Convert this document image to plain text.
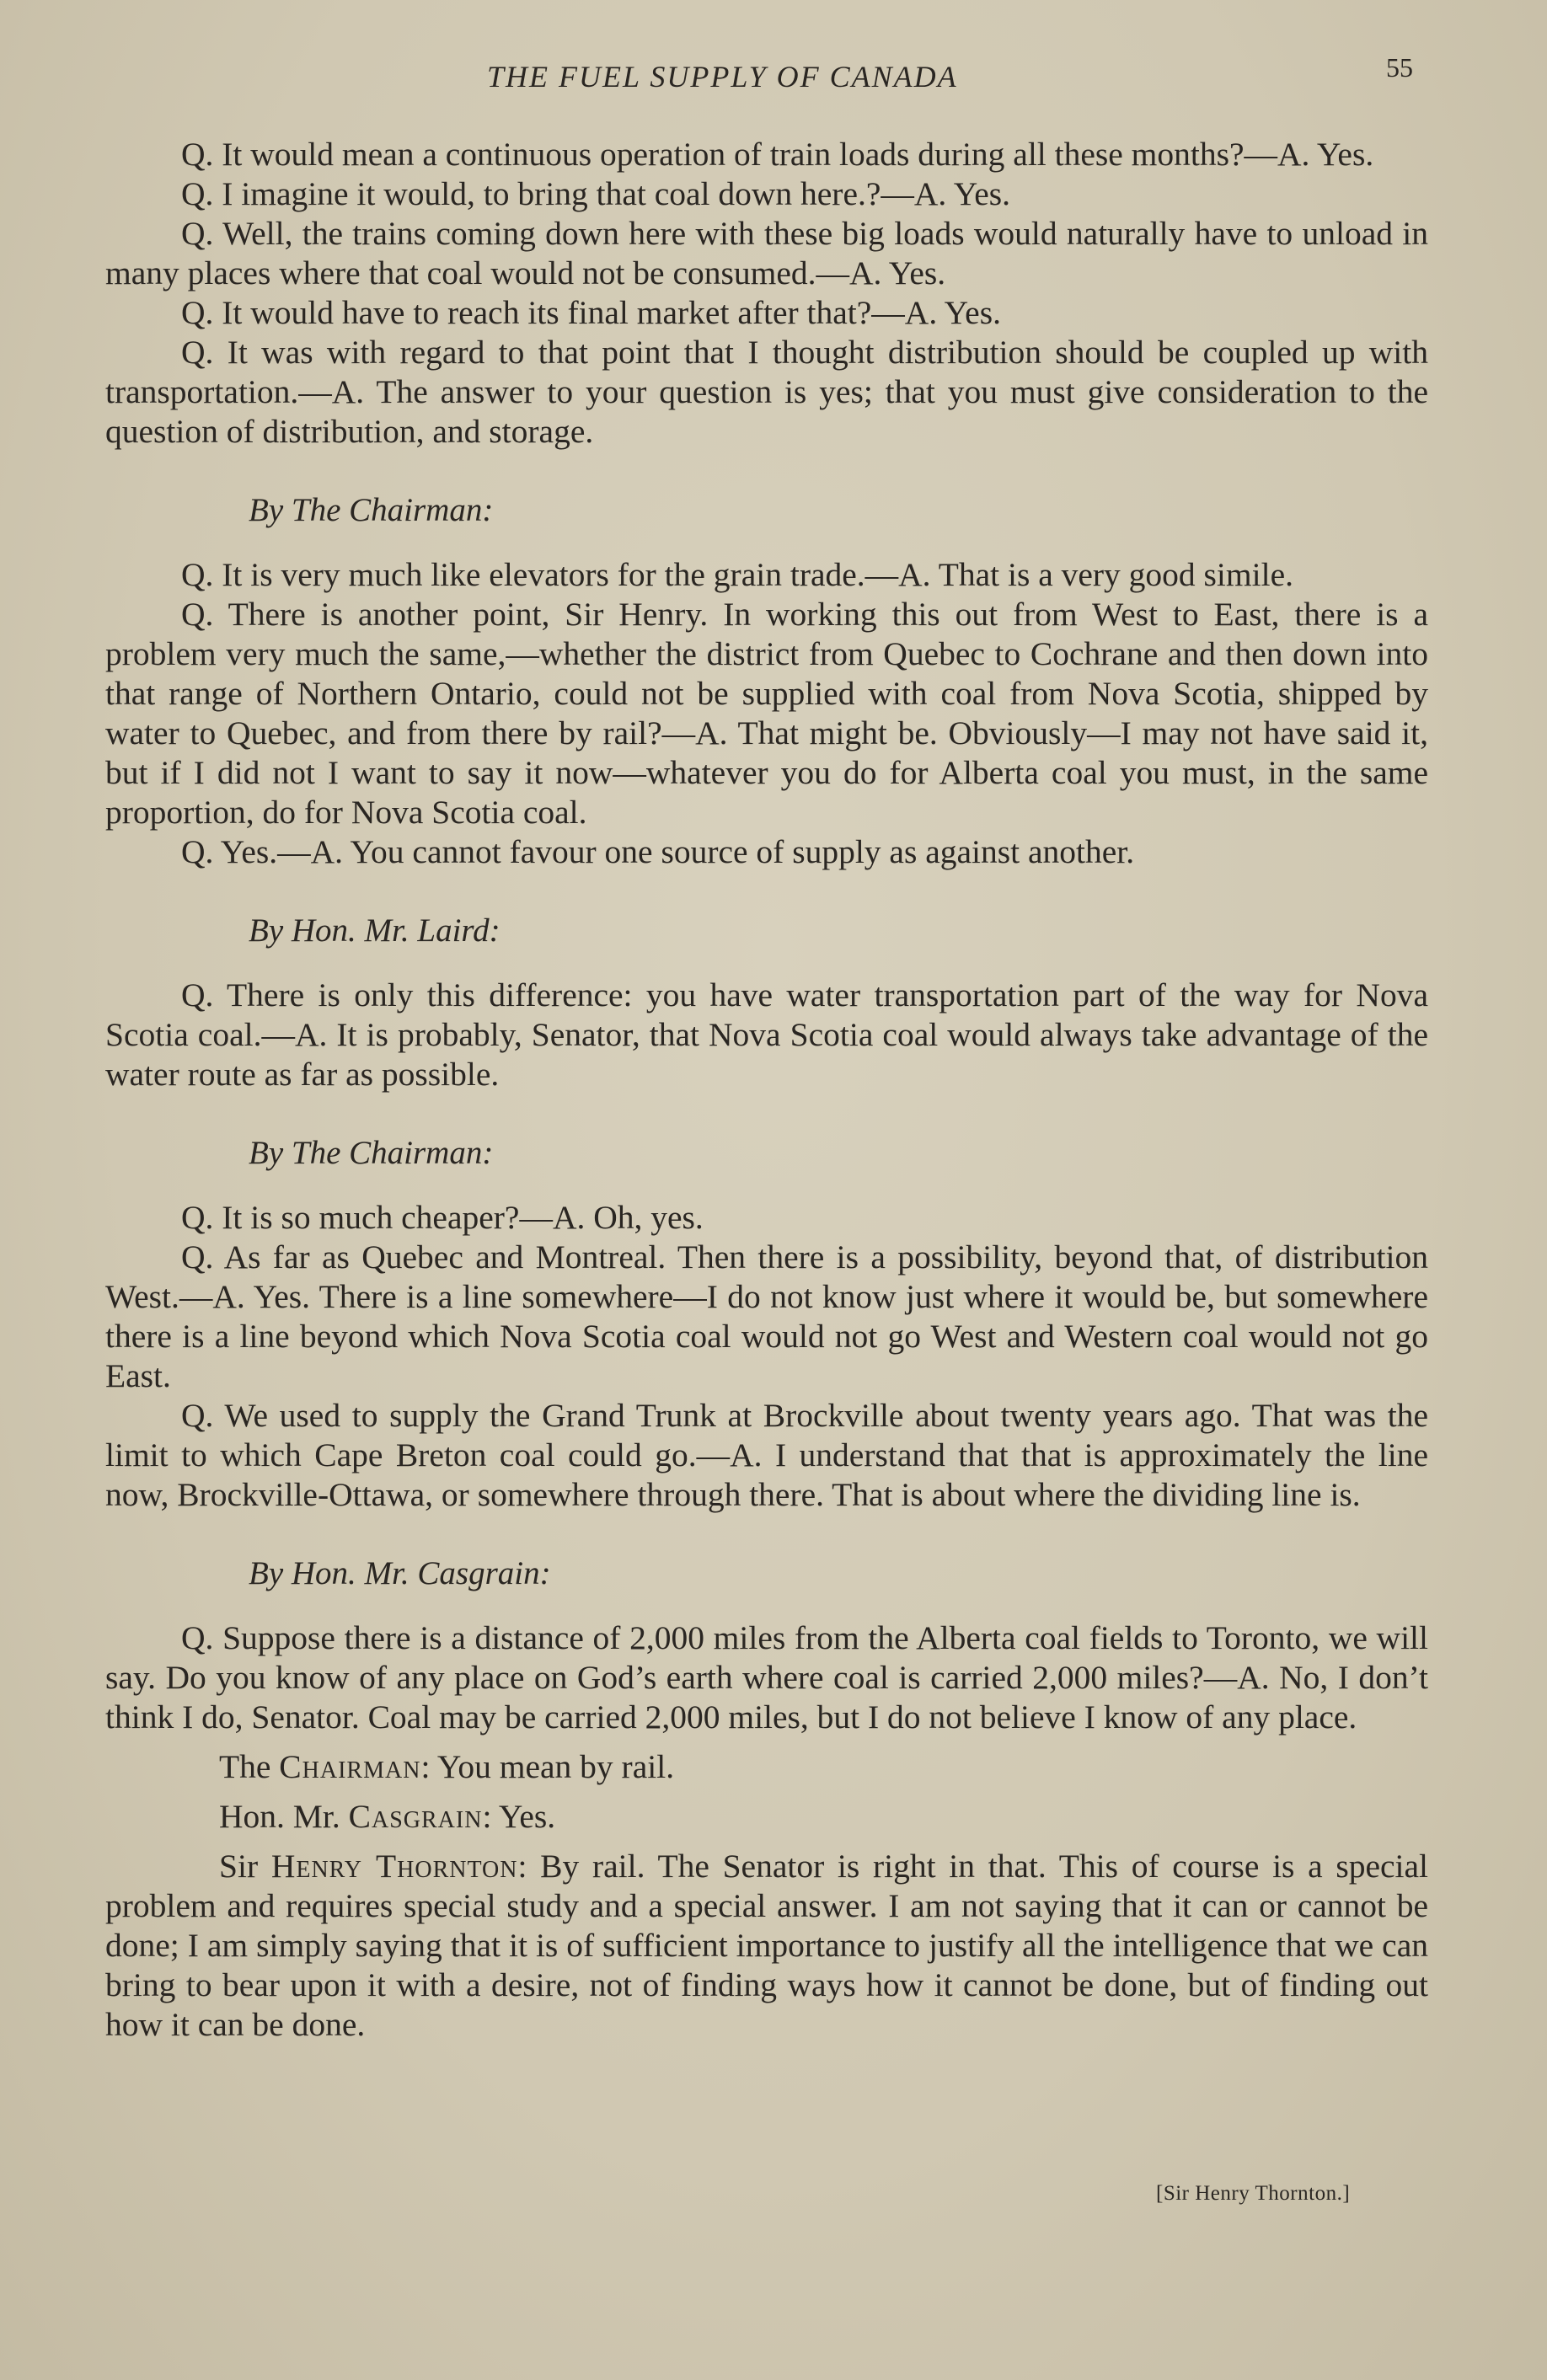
THE FUEL SUPPLY OF CANADA	55

Q. It would mean a continuous operation of train loads during all these months?—A. Yes.

Q. I imagine it would, to bring that coal down here.?—A. Yes.

Q. Well, the trains coming down here with these big loads would naturally have to unload in many places where that coal would not be consumed.—A. Yes.

Q. It would have to reach its final market after that?—A. Yes.

Q. It was with regard to that point that I thought distribution should be coupled up with transportation.—A. The answer to your question is yes; that you must give consideration to the question of distribution, and storage.

By The Chairman:

Q. It is very much like elevators for the grain trade.—A. That is a very good simile.

Q. There is another point, Sir Henry. In working this out from West to East, there is a problem very much the same,—whether the district from Quebec to Cochrane and then down into that range of Northern Ontario, could not be supplied with coal from Nova Scotia, shipped by water to Quebec, and from there by rail?—A. That might be. Obviously—I may not have said it, but if I did not I want to say it now—whatever you do for Alberta coal you must, in the same proportion, do for Nova Scotia coal.

Q. Yes.—A. You cannot favour one source of supply as against another.

By Hon. Mr. Laird:

Q. There is only this difference: you have water transportation part of the way for Nova Scotia coal.—A. It is probably, Senator, that Nova Scotia coal would always take advantage of the water route as far as possible.

By The Chairman:

Q. It is so much cheaper?—A. Oh, yes.

Q. As far as Quebec and Montreal. Then there is a possibility, beyond that, of distribution West.—A. Yes. There is a line somewhere—I do not know just where it would be, but somewhere there is a line beyond which Nova Scotia coal would not go West and Western coal would not go East.

Q. We used to supply the Grand Trunk at Brockville about twenty years ago. That was the limit to which Cape Breton coal could go.—A. I understand that that is approximately the line now, Brockville-Ottawa, or somewhere through there. That is about where the dividing line is.

By Hon. Mr. Casgrain:

Q. Suppose there is a distance of 2,000 miles from the Alberta coal fields to Toronto, we will say. Do you know of any place on God’s earth where coal is carried 2,000 miles?—A. No, I don’t think I do, Senator. Coal may be carried 2,000 miles, but I do not believe I know of any place.

The Chairman: You mean by rail.

Hon. Mr. Casgrain: Yes.

Sir Henry Thornton: By rail. The Senator is right in that. This of course is a special problem and requires special study and a special answer. I am not saying that it can or cannot be done; I am simply saying that it is of sufficient importance to justify all the intelligence that we can bring to bear upon it with a desire, not of finding ways how it cannot be done, but of finding out how it can be done.

[Sir Henry Thornton.]
